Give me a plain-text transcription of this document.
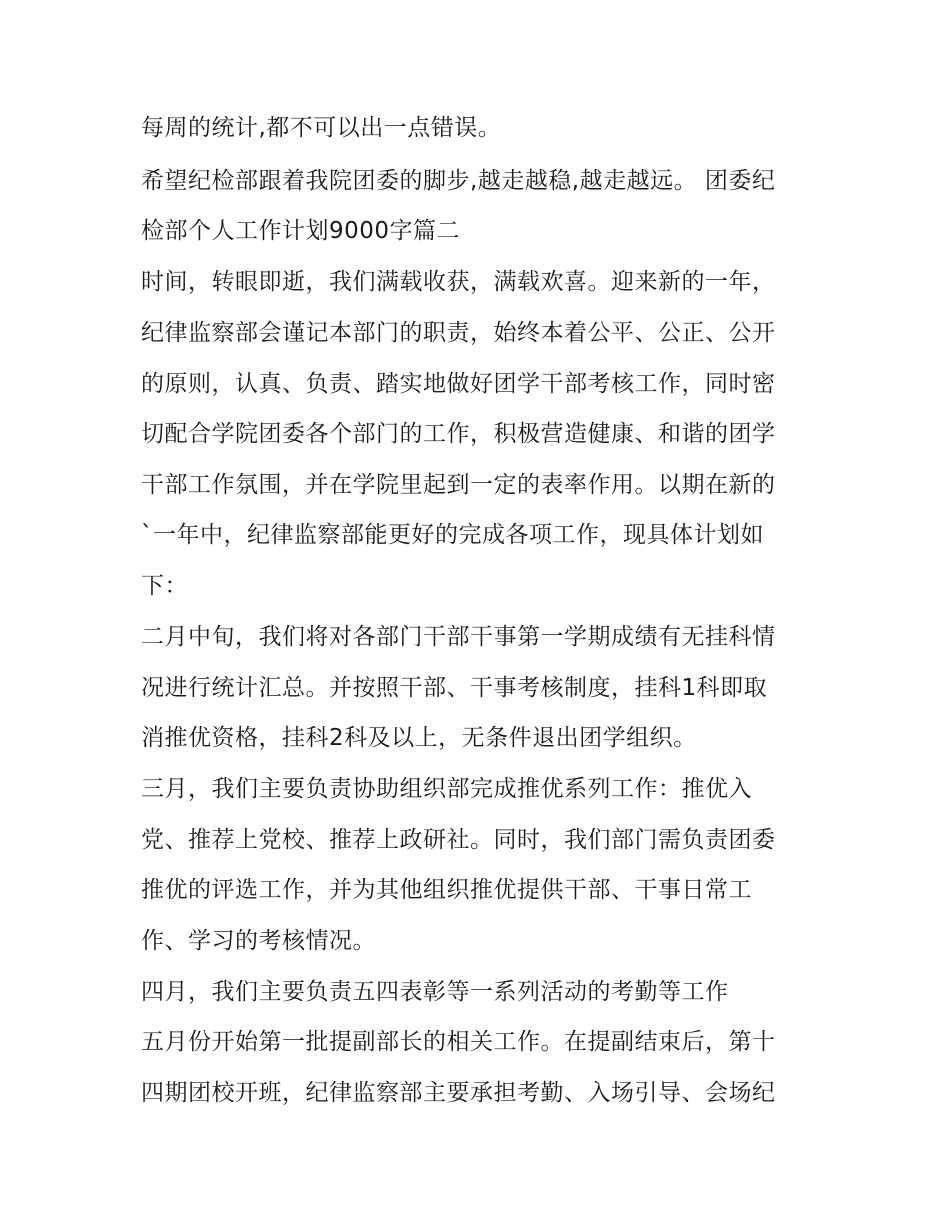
每周的统计,都不可以出一点错误。
希望纪检部跟着我院团委的脚步,越走越稳,越走越远。 团委纪
检部个人工作计划9000字篇二
时间，转眼即逝，我们满载收获，满载欢喜。迎来新的一年，
纪律监察部会谨记本部门的职责，始终本着公平、公正、公开
的原则，认真、负责、踏实地做好团学干部考核工作，同时密
切配合学院团委各个部门的工作，积极营造健康、和谐的团学
干部工作氛围，并在学院里起到一定的表率作用。以期在新的
`一年中，纪律监察部能更好的完成各项工作，现具体计划如
下：
二月中旬，我们将对各部门干部干事第一学期成绩有无挂科情
况进行统计汇总。并按照干部、干事考核制度，挂科1科即取
消推优资格，挂科2科及以上，无条件退出团学组织。
三月，我们主要负责协助组织部完成推优系列工作：推优入
党、推荐上党校、推荐上政研社。同时，我们部门需负责团委
推优的评选工作，并为其他组织推优提供干部、干事日常工
作、学习的考核情况。
四月，我们主要负责五四表彰等一系列活动的考勤等工作
五月份开始第一批提副部长的相关工作。在提副结束后，第十
四期团校开班，纪律监察部主要承担考勤、入场引导、会场纪
